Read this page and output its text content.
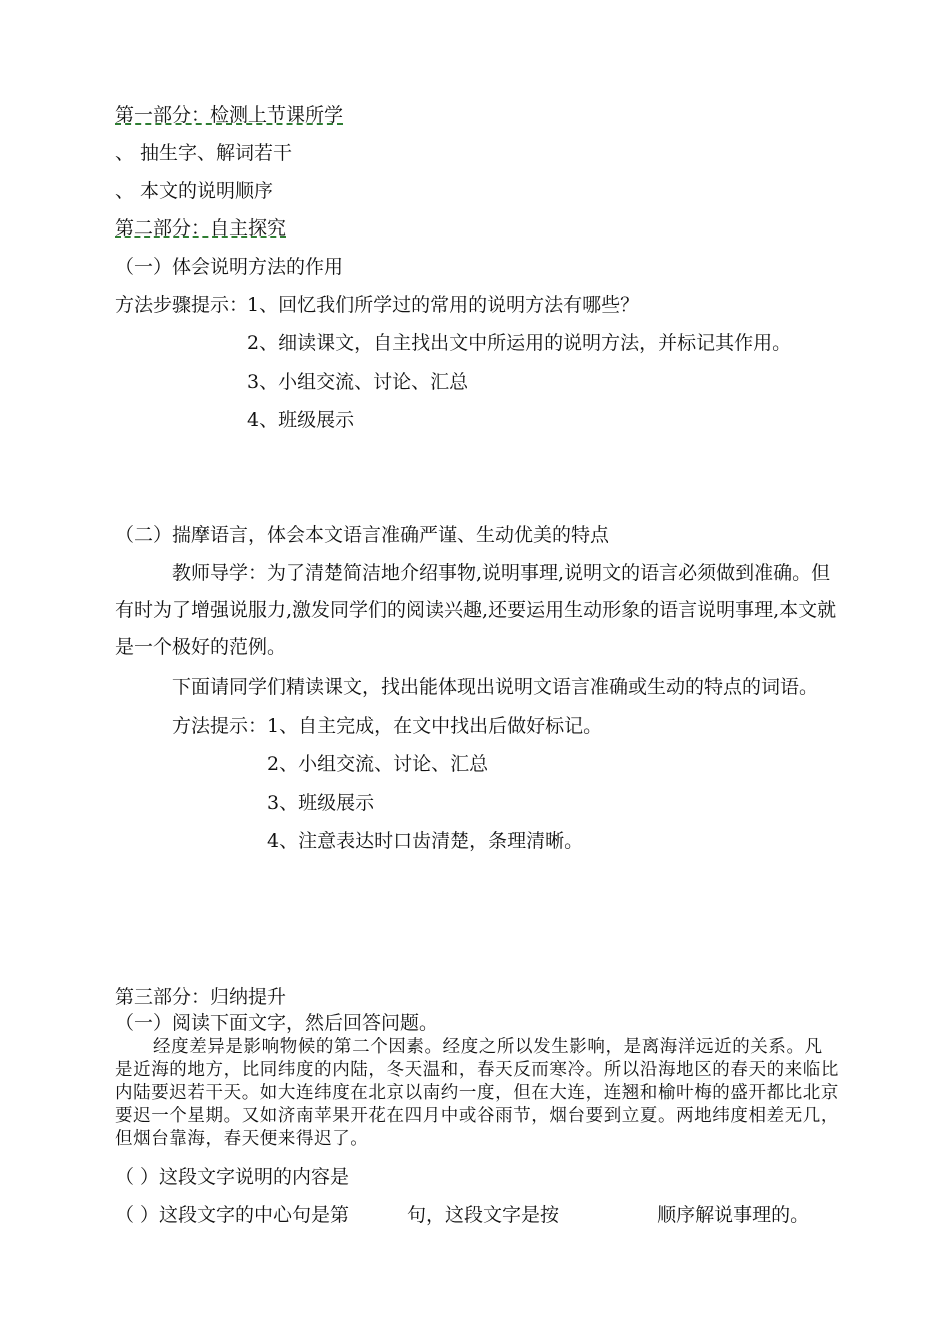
第一部分：检测上节课所学
、 抽生字、解词若干
、 本文的说明顺序
第二部分：自主探究
（一）体会说明方法的作用
方法步骤提示：
1、回忆我们所学过的常用的说明方法有哪些？
2、细读课文，自主找出文中所运用的说明方法，并标记其作用。
3、小组交流、讨论、汇总
4、班级展示
（二）揣摩语言，体会本文语言准确严谨、生动优美的特点

教师导学：为了清楚简洁地介绍事物,说明事理,说明文的语言必须做到准确。但有时为了增强说服力,激发同学们的阅读兴趣,还要运用生动形象的语言说明事理,本文就是一个极好的范例。

下面请同学们精读课文，找出能体现出说明文语言准确或生动的特点的词语。
方法提示： 1、自主完成，在文中找出后做好标记。
2、小组交流、讨论、汇总
3、班级展示
4、注意表达时口齿清楚，条理清晰。
第三部分：归纳提升
（一）阅读下面文字，然后回答问题。

经度差异是影响物候的第二个因素。经度之所以发生影响，是离海洋远近的关系。凡是近海的地方，比同纬度的内陆，冬天温和，春天反而寒冷。所以沿海地区的春天的来临比内陆要迟若干天。如大连纬度在北京以南约一度，但在大连，连翘和榆叶梅的盛开都比北京要迟一个星期。又如济南苹果开花在四月中或谷雨节，烟台要到立夏。两地纬度相差无几，但烟台靠海，春天便来得迟了。

（ ）这段文字说明的内容是
（ ）这段文字的中心句是第	句，这段文字是按	顺序解说事理的。
